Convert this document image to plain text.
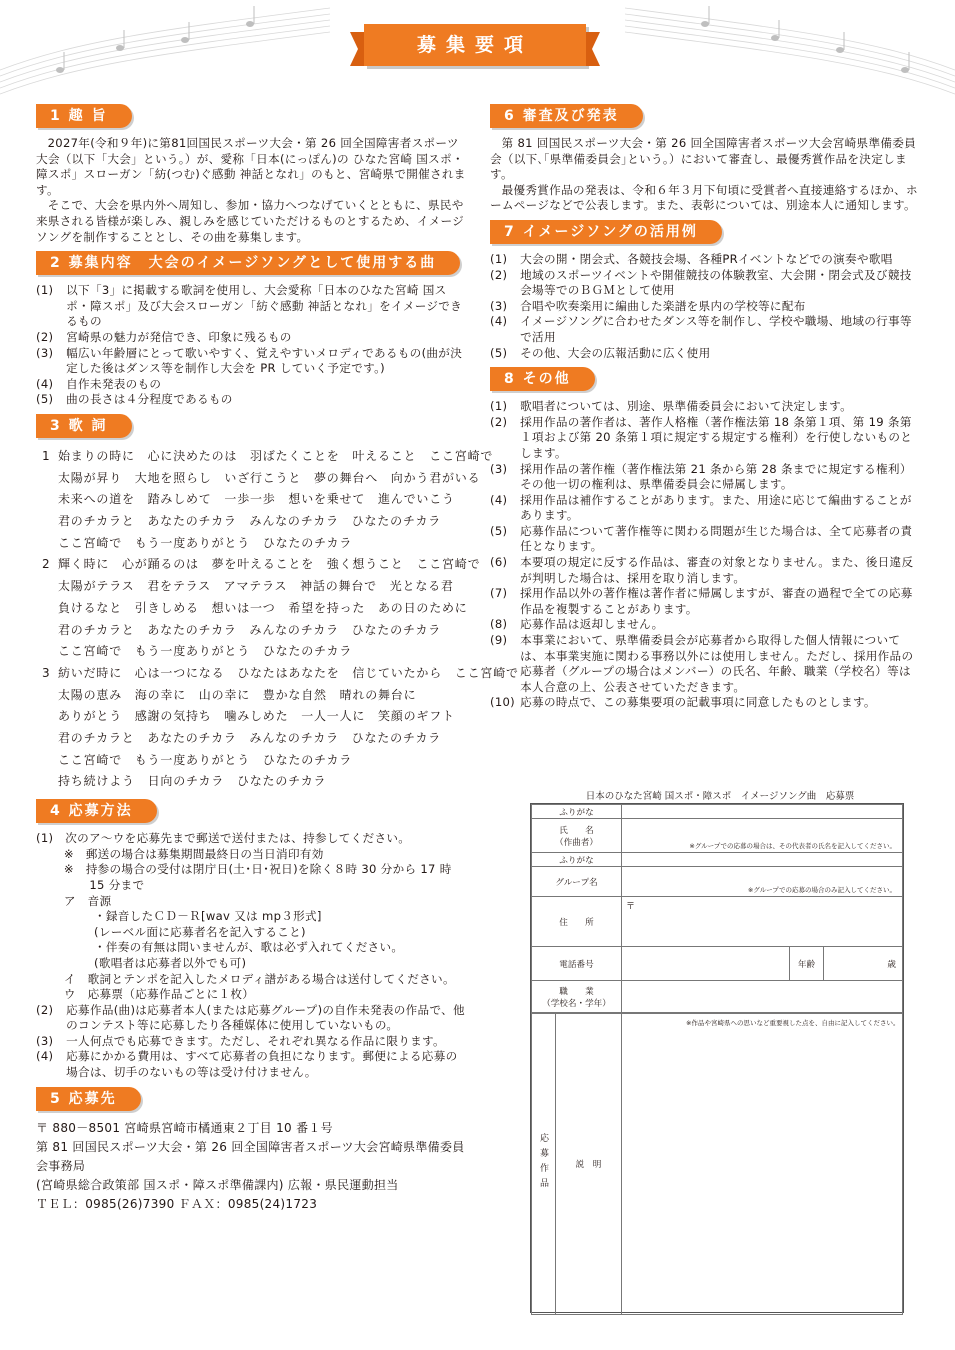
募集要項
1 趣 旨

2027年(令和９年)に第81回国民スポーツ大会・第 26 回全国障害者スポーツ大会（以下「大会」という。）が、愛称「日本(にっぽん)の ひなた宮崎 国スポ・障スポ」スローガン「紡(つむ)ぐ感動 神話となれ」のもと、宮崎県で開催されます。

そこで、大会を県内外へ周知し、参加・協力へつなげていくとともに、県民や来県される皆様が楽しみ、親しみを感じていただけるものとするため、イメージソングを制作することとし、その曲を募集します。

2 募集内容　大会のイメージソングとして使用する曲

(1) 以下「3」に掲載する歌詞を使用し、大会愛称「日本のひなた宮崎 国スポ・障スポ」及び大会スローガン「紡ぐ感動 神話となれ」をイメージできるもの

(2) 宮崎県の魅力が発信でき、印象に残るもの

(3) 幅広い年齢層にとって歌いやすく、覚えやすいメロディであるもの(曲が決定した後はダンス等を制作し大会を PR していく予定です。)

(4) 自作未発表のもの

(5) 曲の長さは４分程度であるもの

3 歌 詞
1 始まりの時に　心に決めたのは　羽ばたくことを　叶えること　ここ宮崎で
太陽が昇り　大地を照らし　いざ行こうと　夢の舞台へ　向かう君がいる
未来への道を　踏みしめて　一歩一歩　想いを乗せて　進んでいこう
君のチカラと　あなたのチカラ　みんなのチカラ　ひなたのチカラ
ここ宮崎で　もう一度ありがとう　ひなたのチカラ
2 輝く時に　心が踊るのは　夢を叶えることを　強く想うこと　ここ宮崎で
太陽がテラス　君をテラス　アマテラス　神話の舞台で　光となる君
負けるなと　引きしめる　想いは一つ　希望を持った　あの日のために
君のチカラと　あなたのチカラ　みんなのチカラ　ひなたのチカラ
ここ宮崎で　もう一度ありがとう　ひなたのチカラ
3 紡いだ時に　心は一つになる　ひなたはあなたを　信じていたから　ここ宮崎で
太陽の恵み　海の幸に　山の幸に　豊かな自然　晴れの舞台に
ありがとう　感謝の気持ち　噛みしめた　一人一人に　笑顔のギフト
君のチカラと　あなたのチカラ　みんなのチカラ　ひなたのチカラ
ここ宮崎で　もう一度ありがとう　ひなたのチカラ
持ち続けよう　日向のチカラ　ひなたのチカラ
4 応募方法

(1)　次のア～ウを応募先まで郵送で送付または、持参してください。

※　郵送の場合は募集期間最終日の当日消印有効

※　持参の場合の受付は閉庁日(土･日･祝日)を除く８時 30 分から 17 時 15 分まで

ア　音源

・録音したＣＤ－Ｒ[wav 又は mp３形式]

(レーベル面に応募者名を記入すること)

・伴奏の有無は問いませんが、歌は必ず入れてください。

(歌唱者は応募者以外でも可)

イ　歌詞とテンポを記入したメロディ譜がある場合は送付してください。

ウ　応募票（応募作品ごとに１枚）

(2) 応募作品(曲)は応募者本人(または応募グループ)の自作未発表の作品で、他のコンテスト等に応募したり各種媒体に使用していないもの。

(3) 一人何点でも応募できます。ただし、それぞれ異なる作品に限ります。

(4) 応募にかかる費用は、すべて応募者の負担になります。郵便による応募の場合は、切手のないもの等は受け付けません。

5 応募先

〒 880－8501 宮崎県宮崎市橘通東２丁目 10 番１号

第 81 回国民スポーツ大会・第 26 回全国障害者スポーツ大会宮崎県準備委員会事務局

(宮崎県総合政策部 国スポ・障スポ準備課内) 広報・県民運動担当

ＴＥＬ：0985(26)7390 ＦＡＸ：0985(24)1723

6 審査及び発表

第 81 回国民スポーツ大会・第 26 回全国障害者スポーツ大会宮崎県準備委員会（以下､｢県準備委員会｣という。）において審査し、最優秀賞作品を決定します。

最優秀賞作品の発表は、令和６年３月下旬頃に受賞者へ直接連絡するほか、ホームページなどで公表します。また、表彰については、別途本人に通知します。

7 イメージソングの活用例

(1) 大会の開・閉会式、各競技会場、各種PRイベントなどでの演奏や歌唱

(2) 地域のスポーツイベントや開催競技の体験教室、大会開・閉会式及び競技会場等でのＢＧＭとして使用

(3) 合唱や吹奏楽用に編曲した楽譜を県内の学校等に配布

(4) イメージソングに合わせたダンス等を制作し、学校や職場、地域の行事等で活用

(5) その他、大会の広報活動に広く使用

8 その他

(1) 歌唱者については、別途、県準備委員会において決定します。

(2) 採用作品の著作者は、著作人格権（著作権法第 18 条第１項、第 19 条第１項および第 20 条第１項に規定する規定する権利）を行使しないものとします。

(3) 採用作品の著作権（著作権法第 21 条から第 28 条までに規定する権利）その他一切の権利は、県準備委員会に帰属します。

(4) 採用作品は補作することがあります。また、用途に応じて編曲することがあります。

(5) 応募作品について著作権等に関わる問題が生じた場合は、全て応募者の責任となります。

(6) 本要項の規定に反する作品は、審査の対象となりません。また、後日違反が判明した場合は、採用を取り消します。

(7) 採用作品以外の著作権は著作者に帰属しますが、審査の過程で全ての応募作品を複製することがあります。

(8) 応募作品は返却しません。

(9) 本事業において、県準備委員会が応募者から取得した個人情報については、本事業実施に関わる事務以外には使用しません。ただし、採用作品の応募者（グループの場合はメンバー）の氏名、年齢、職業（学校名）等は本人合意の上、公表させていただきます。

(10) 応募の時点で、この募集要項の記載事項に同意したものとします。

日本のひなた宮崎 国スポ・障スポ　イメージソング曲　応募票
ふりがな			
氏　　名
（作曲者）	※グループでの応募の場合は、その代表者の氏名を記入してください。		
ふりがな			
グループ名	※グループでの応募の場合のみ記入してください。		
住　　所	〒		
電話番号		年齢	歳
職　　業
（学校名・学年）			
応募作品	説　明	※作品や宮崎県への思いなど重要視した点を、自由に記入してください。
